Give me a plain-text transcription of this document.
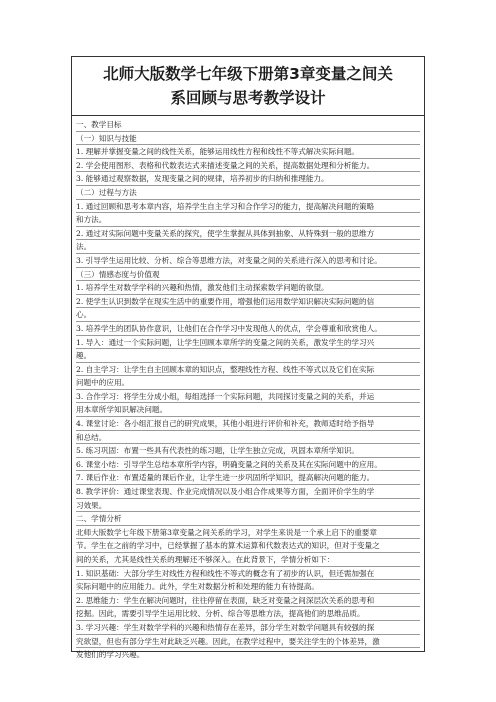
北师大版数学七年级下册第3章变量之间关
系回顾与思考教学设计
一、教学目标
（一）知识与技能
1. 理解并掌握变量之间的线性关系，能够运用线性方程和线性不等式解决实际问题。
2. 学会使用图形、表格和代数表达式来描述变量之间的关系，提高数据处理和分析能力。
3. 能够通过观察数据，发现变量之间的规律，培养初步的归纳和推理能力。
（二）过程与方法
1. 通过回顾和思考本章内容，培养学生自主学习和合作学习的能力，提高解决问题的策略
和方法。
2. 通过对实际问题中变量关系的探究，使学生掌握从具体到抽象、从特殊到一般的思维方
法。
3. 引导学生运用比较、分析、综合等思维方法，对变量之间的关系进行深入的思考和讨论。
（三）情感态度与价值观
1. 培养学生对数学学科的兴趣和热情，激发他们主动探索数学问题的欲望。
2. 使学生认识到数学在现实生活中的重要作用，增强他们运用数学知识解决实际问题的信
心。
3. 培养学生的团队协作意识，让他们在合作学习中发现他人的优点，学会尊重和欣赏他人。
1. 导入：通过一个实际问题，让学生回顾本章所学的变量之间的关系，激发学生的学习兴
趣。
2. 自主学习：让学生自主回顾本章的知识点，整理线性方程、线性不等式以及它们在实际
问题中的应用。
3. 合作学习：将学生分成小组，每组选择一个实际问题，共同探讨变量之间的关系，并运
用本章所学知识解决问题。
4. 课堂讨论：各小组汇报自己的研究成果，其他小组进行评价和补充，教师适时给予指导
和总结。
5. 练习巩固：布置一些具有代表性的练习题，让学生独立完成，巩固本章所学知识。
6. 课堂小结：引导学生总结本章所学内容，明确变量之间的关系及其在实际问题中的应用。
7. 课后作业：布置适量的课后作业，让学生进一步巩固所学知识，提高解决问题的能力。
8. 教学评价：通过课堂表现、作业完成情况以及小组合作成果等方面，全面评价学生的学
习效果。
二、学情分析
北师大版数学七年级下册第3章变量之间关系的学习，对学生来说是一个承上启下的重要章
节。学生在之前的学习中，已经掌握了基本的算术运算和代数表达式的知识，但对于变量之
间的关系，尤其是线性关系的理解还不够深入。在此背景下，学情分析如下：
1. 知识基础：大部分学生对线性方程和线性不等式的概念有了初步的认识，但还需加强在
实际问题中的应用能力。此外，学生对数据分析和处理的能力有待提高。
2. 思维能力：学生在解决问题时，往往停留在表面，缺乏对变量之间深层次关系的思考和
挖掘。因此，需要引导学生运用比较、分析、综合等思维方法，提高他们的思维品质。
3. 学习兴趣：学生对数学学科的兴趣和热情存在差异，部分学生对数学问题具有较强的探
究欲望，但也有部分学生对此缺乏兴趣。因此，在教学过程中，要关注学生的个体差异，激
发他们的学习兴趣。
